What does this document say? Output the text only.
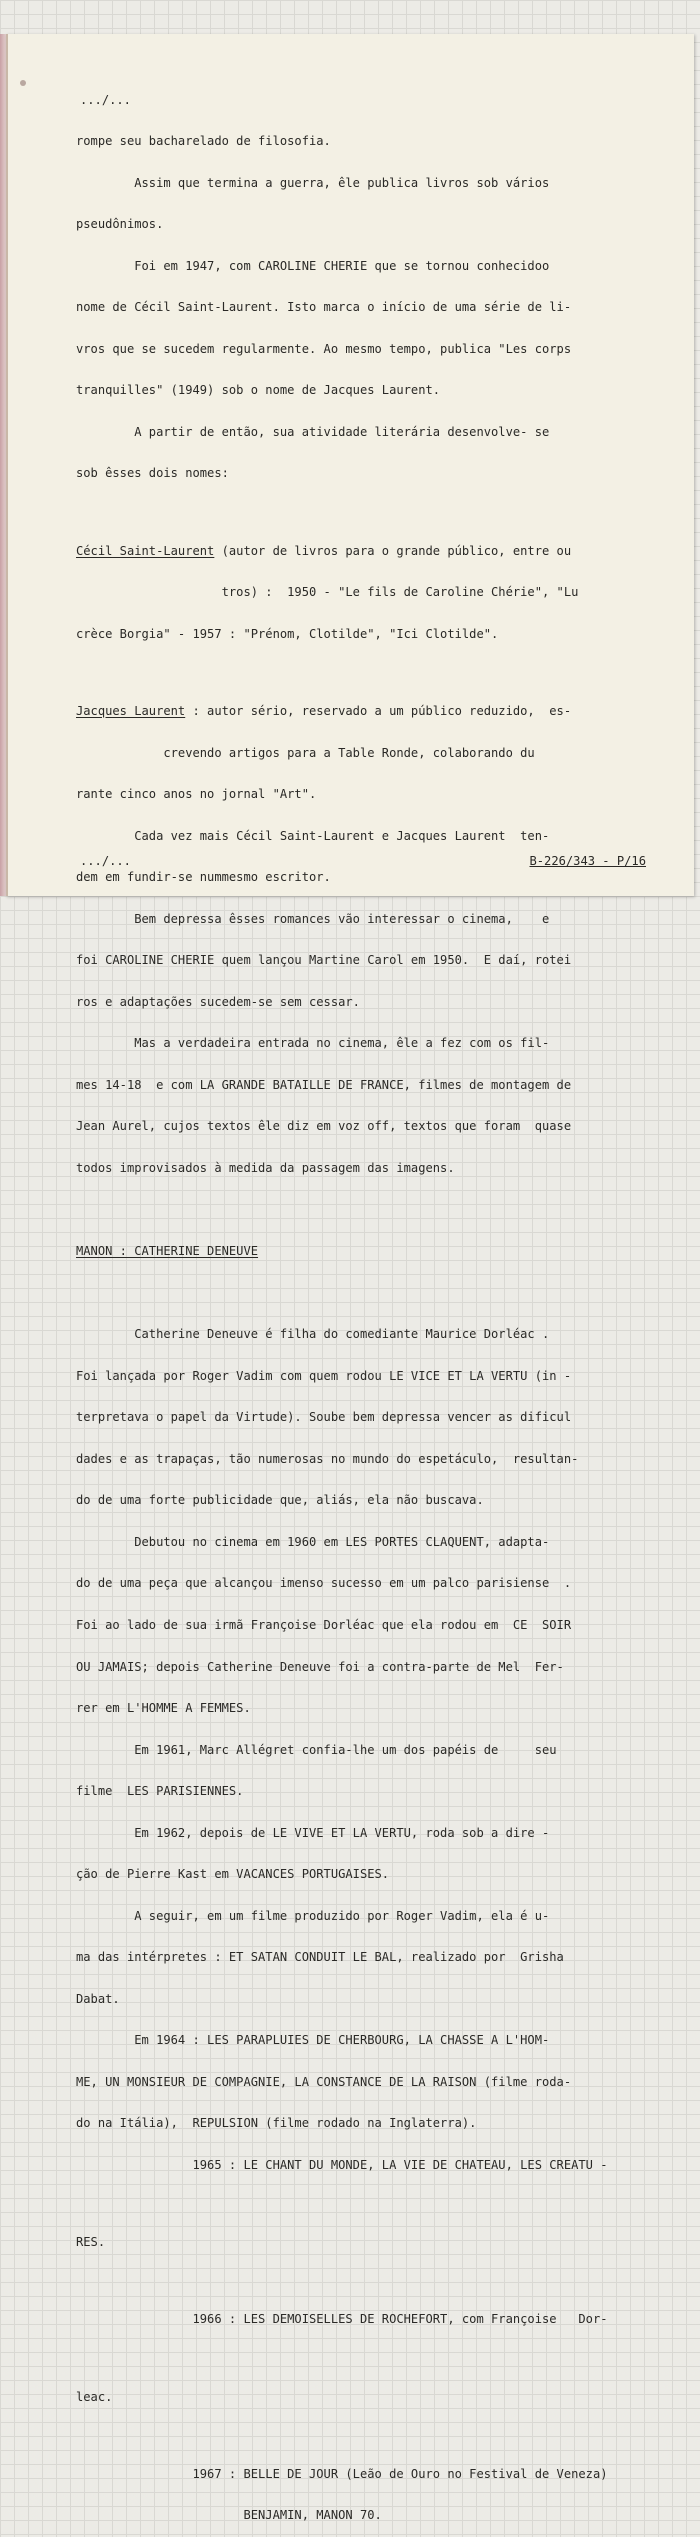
.../...

rompe seu bacharelado de filosofia.

Assim que termina a guerra, êle publica livros sob vários

pseudônimos.

Foi em 1947, com CAROLINE CHERIE que se tornou conhecidoo

nome de Cécil Saint-Laurent. Isto marca o início de uma série de li-

vros que se sucedem regularmente. Ao mesmo tempo, publica "Les corps

tranquilles" (1949) sob o nome de Jacques Laurent.

A partir de então, sua atividade literária desenvolve- se

sob êsses dois nomes:

Cécil Saint-Laurent (autor de livros para o grande público, entre ou

tros) :  1950 - "Le fils de Caroline Chérie", "Lu

crèce Borgia" - 1957 : "Prénom, Clotilde", "Ici Clotilde".

Jacques Laurent : autor sério, reservado a um público reduzido,  es-

crevendo artigos para a Table Ronde, colaborando du

rante cinco anos no jornal "Art".

Cada vez mais Cécil Saint-Laurent e Jacques Laurent  ten-

dem em fundir-se nummesmo escritor.

Bem depressa êsses romances vão interessar o cinema,    e

foi CAROLINE CHERIE quem lançou Martine Carol em 1950.  E daí, rotei

ros e adaptações sucedem-se sem cessar.

Mas a verdadeira entrada no cinema, êle a fez com os fil-

mes 14-18  e com LA GRANDE BATAILLE DE FRANCE, filmes de montagem de

Jean Aurel, cujos textos êle diz em voz off, textos que foram  quase

todos improvisados à medida da passagem das imagens.

MANON : CATHERINE DENEUVE

Catherine Deneuve é filha do comediante Maurice Dorléac .

Foi lançada por Roger Vadim com quem rodou LE VICE ET LA VERTU (in -

terpretava o papel da Virtude). Soube bem depressa vencer as dificul

dades e as trapaças, tão numerosas no mundo do espetáculo,  resultan-

do de uma forte publicidade que, aliás, ela não buscava.

Debutou no cinema em 1960 em LES PORTES CLAQUENT, adapta-

do de uma peça que alcançou imenso sucesso em um palco parisiense  .

Foi ao lado de sua irmã Françoise Dorléac que ela rodou em  CE  SOIR

OU JAMAIS; depois Catherine Deneuve foi a contra-parte de Mel  Fer-

rer em L'HOMME A FEMMES.

Em 1961, Marc Allégret confia-lhe um dos papéis de     seu

filme  LES PARISIENNES.

Em 1962, depois de LE VIVE ET LA VERTU, roda sob a dire -

ção de Pierre Kast em VACANCES PORTUGAISES.

A seguir, em um filme produzido por Roger Vadim, ela é u-

ma das intérpretes : ET SATAN CONDUIT LE BAL, realizado por  Grisha

Dabat.

Em 1964 : LES PARAPLUIES DE CHERBOURG, LA CHASSE A L'HOM-

ME, UN MONSIEUR DE COMPAGNIE, LA CONSTANCE DE LA RAISON (filme roda-

do na Itália),  REPULSION (filme rodado na Inglaterra).

1965 : LE CHANT DU MONDE, LA VIE DE CHATEAU, LES CREATU -

RES.

1966 : LES DEMOISELLES DE ROCHEFORT, com Françoise   Dor-

leac.

1967 : BELLE DE JOUR (Leão de Ouro no Festival de Veneza)

BENJAMIN, MANON 70.

.../...	B-226/343 - P/16
